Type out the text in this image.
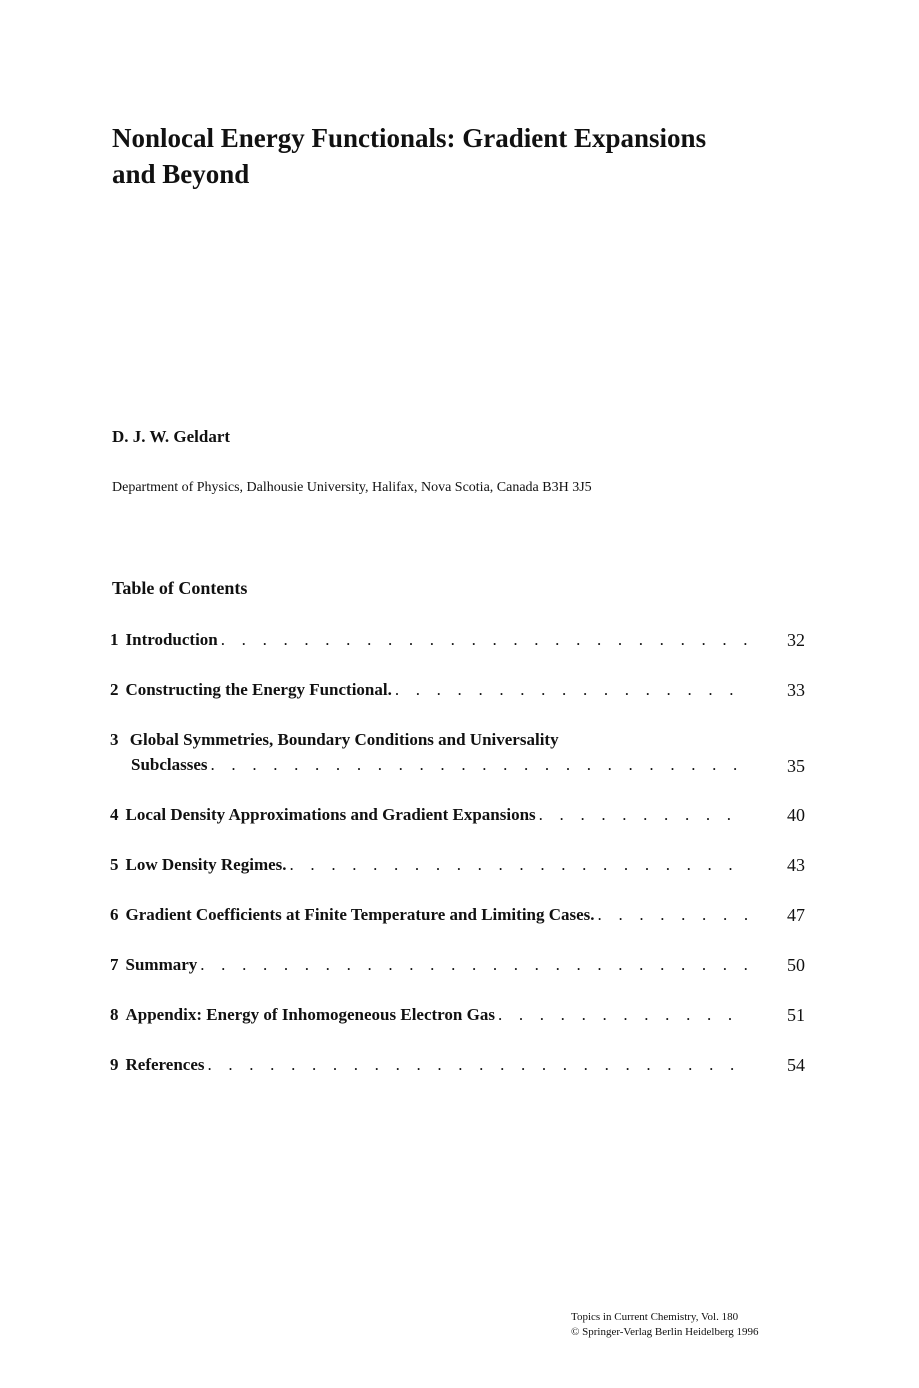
Nonlocal Energy Functionals: Gradient Expansions
and Beyond
D. J. W. Geldart
Department of Physics, Dalhousie University, Halifax, Nova Scotia, Canada B3H 3J5
Table of Contents
1 Introduction . . .	32
2 Constructing the Energy Functional. . . .	33
3 Global Symmetries, Boundary Conditions and Universality
Subclasses . . .	35
4 Local Density Approximations and Gradient Expansions . . .	40
5 Low Density Regimes. . . .	43
6 Gradient Coefficients at Finite Temperature and Limiting Cases. . . .	47
7 Summary . . .	50
8 Appendix: Energy of Inhomogeneous Electron Gas . . .	51
9 References . . .	54
Topics in Current Chemistry, Vol. 180
© Springer-Verlag Berlin Heidelberg 1996
